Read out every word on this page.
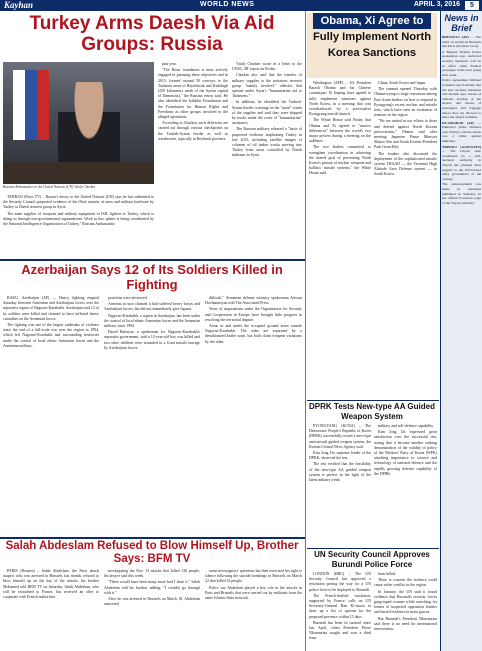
Kayhan	WORLD NEWS	APRIL 3, 2016	5
Turkey Arms Daesh Via Aid Groups: Russia
Russian Ambassador to the United Nations (UN) Vitaly Churkin

TEHRAN (Press TV) – Russia's envoy to the United Nations (UN) says he has submitted to the Security Council purported evidence of the illicit transfer of arms and military hardware by Turkey to Daesh terrorist group in Syria.

The main supplier of weapons and military equipment to ISIL fighters is Turkey, which is doing so through non-governmental organizations. Work in this sphere is being coordinated by the National Intelligence Organization of Turkey," Russian Ambassador

past year.

"The Besar foundation is most actively engaged in pursuing these objectives and in 2015, formed around 50 convoys to the Turkmen areas of Bayirbucak and Kizildagh (250 kilometers north of the Syrian capital of Damascus)," the Russian envoy said. He also identified the Iyiliklar Foundation and the Foundation for Human Rights and Freedoms as other groups involved in the alleged operations.

According to Churkin, such deliveries are carried out through various checkpoints on the Turkish-Syrian border as well as warehouses, typically in Reyhanli province.

Vitaly Churkin wrote in a letter to the UNSC, RT report on Friday.

Churkin also said that the transfer of military supplies to the notorious terrorist group "mainly involves" vehicles that operate under Syria's "humanitarian aid to Turkmens."

In addition, he identified the Turkish-Syrian border crossings as the "main" routes of the supplies and said they were shipped by trucks under the cover of "humanitarian" assistance.

The Russian military released a "basis of purported evidence implicating Turkey in late 2015, including satellite images of columns of oil tanker trucks moving into Turkey from areas controlled by Daesh militants in Syria.

Azerbaijan Says 12 of Its Soldiers Killed in Fighting

BAKU, Azerbaijan (AP) — Heavy fighting erupted Saturday between Armenian and Azerbaijani forces over the separatist region of Nagorno-Karabakh. Azerbaijan said 12 of its soldiers were killed and claimed to have inflicted heavy casualties on the Armenian forces.

The fighting was one of the largest outbreaks of violence since the end of a full-scale war over the region in 1994, which left Nagorno-Karabakh and surrounding territories under the control of local ethnic Armenian forces and the Armenian military.

positions were destroyed.

Armenia in turn claimed it had suffered heavy losses and Azerbaijani forces, but did not immediately give figures.

Nagorno-Karabakh, a region in Azerbaijan, has been under the control of local ethnic Armenian forces and the Armenian military since 1994.

David Babayan, a spokesman for Nagorno-Karabakh's separatist government, said a 12-year-old boy was killed and two other children were wounded in a Grad missile barrage by Azerbaijani forces.

difficult," Armenian defense ministry spokesman Artsrun Hovhannisyan told The Associated Press.

Years of negotiations under the Organization for Security and Cooperation in Europe have brought little progress in resolving the territorial dispute.

Areas in and under the occupied ground areas outside Nagorno-Karabakh. The sides are separated by a demilitarized buffer zone, but both claim frequent violations by the other.

Salah Abdeslam Refused to Blow Himself Up, Brother Says: BFM TV

PARIS (Reuters) – Salah Abdeslam, the Paris attack suspect who was arrested in Brussels last month, refused to blow himself up on the day of the attacks, his brother Mohamed told BFM TV on Saturday. Salah Abdeslam, who will be extradited to France, has received an offer to cooperate with French authorities

investigating the Nov. 13 attacks that killed 130 people, his lawyer said this week.

"There would have been many more had I done it," Salah Abdeslam told his brother, adding: "I couldn't go through with it."

After he was arrested in Brussels on March 18, Abdeslam answered

some investigators' questions but then exercised his right to silence following the suicide bombings in Brussels on March 22 that killed 32 people.

Police say Abdeslam played a key role in the attacks in Paris and Brussels that were carried out by militants from the same Islamic State network.

Obama, Xi Agree to
Fully Implement North Korea Sanctions

Washington (AFP) – US President Barack Obama and his Chinese counterpart Xi Jinping have agreed to fully implement sanctions against North Korea, in a meeting that was overshadowed by a provocative Pyongyang missile launch.

The White House said Friday that Obama and Xi agreed to "narrow differences" between the world's two major powers during a meeting on the sidelines.

The two leaders committed to strengthen coordination in achieving the shared goal of preventing North Korea's pursuit of nuclear weapons and ballistic missile systems," the White House said.

China, South Korea and Japan.

The summit opened Thursday with Obama trying to forge consensus among East Asian leaders on how to respond to Pyongyang's recent nuclear and missile tests, which have seen an escalation of tensions in the region.

"We are united in our efforts to deter and defend against North Korean provocations," Obama said after meeting Japanese Prime Minister Shinzo Abe and South Korean President Park Geun-Hye.

The leaders also discussed the deployment of the sophisticated missile system THAAD — the Terminal High Altitude Area Defense system — to South Korea.

DPRK Tests New-type AA Guided Weapon System

PYONGYANG (KCNA) – The Democratic People's Republic of Korea (DPRK) successfully tested a new-type anti-aircraft guided weapon system, the Korean Central News Agency said.

Kim Jong Un, supreme leader of the DPRK, observed the test.

The test verified that the feasibility of the new-type AA guided weapon system is perfect in the light of the latest military trend.

military and self-defence capability.

Kim Jong Un expressed great satisfaction over the successful test, noting that it became another striking demonstration of the validity of policy of the Workers' Party of Korea (WPK) attaching importance to science and technology of national defence and the rapidly growing defence capability of the DPRK.

UN Security Council Approves Burundi Police Force

LONDON (BBC) – The UN Security Council has approved a resolution paving the way for a UN police force to be deployed to Burundi.

The French-drafted resolution, supported by France, calls on UN Secretary-General Ban Ki-moon to draw up a list of options for the proposed presence within 15 days.

Burundi has been in turmoil since last April, when President Pierre Nkurunziza sought and won a third term.

been killed.

There is concern the violence could cause wider conflict in the region.

In January, the UN said it found evidence that Burundi's security forces gang-raped women while searching for homes of suspected opposition leaders and buried evidence in mass graves.

But Burundi's President Nkurunziza said there is no need for international intervention.

News in Brief

BRUSSELS (AP) — The latest on attacks in Brussels and Paris (all times local):

A Belgian Federal Police spokesman says renforced security measures will be in effect when Federal passenger trains start going next week.

Police spokesman Michael Jonniaux says Saturday that the new security measures will include spot checks of vehicles arriving at the airport, and checks of passengers and baggage before they are allowed to enter the airport terminal.

ISLAMABAD (AP) — Pakistan's prime minister says Friday's suicide attack was a crime against humanity.

TRIPOLI (AGENCIES) — The Libyan state constituted by a self-declared authority in Tripoli has pledged their support to the UN-backed unity government of the country.

The announcement was made in statement published on Saturday on the official Facebook page of the Tripoli authority.
